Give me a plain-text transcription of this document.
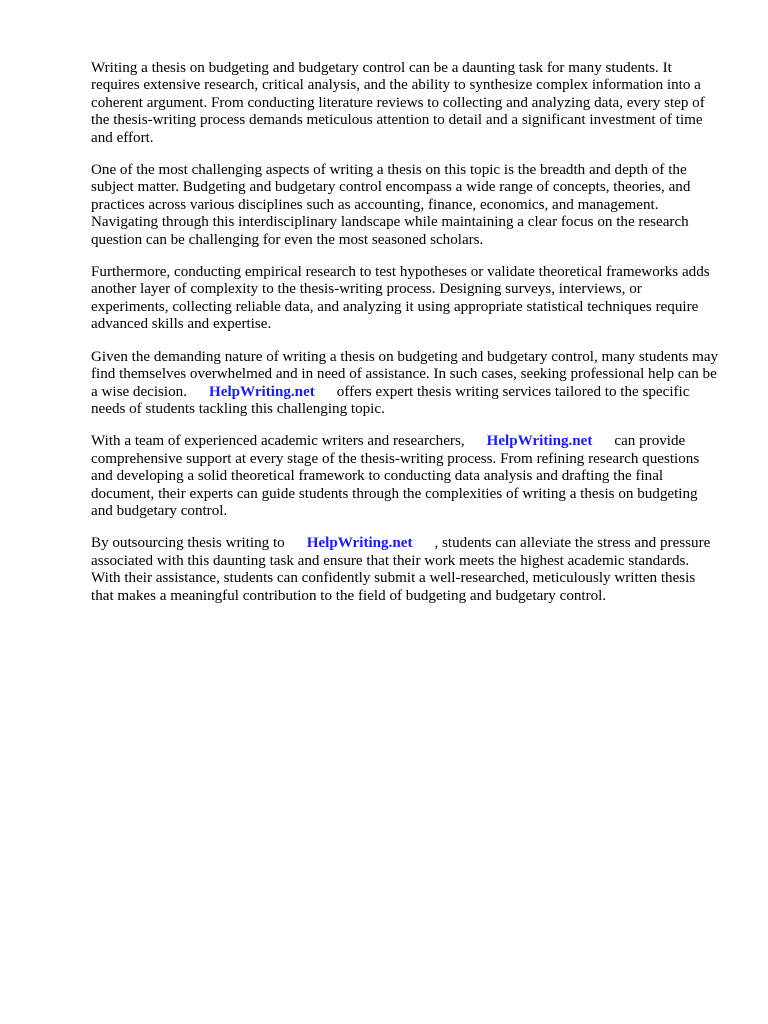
Writing a thesis on budgeting and budgetary control can be a daunting task for many students. It requires extensive research, critical analysis, and the ability to synthesize complex information into a coherent argument. From conducting literature reviews to collecting and analyzing data, every step of the thesis-writing process demands meticulous attention to detail and a significant investment of time and effort.

One of the most challenging aspects of writing a thesis on this topic is the breadth and depth of the subject matter. Budgeting and budgetary control encompass a wide range of concepts, theories, and practices across various disciplines such as accounting, finance, economics, and management. Navigating through this interdisciplinary landscape while maintaining a clear focus on the research question can be challenging for even the most seasoned scholars.

Furthermore, conducting empirical research to test hypotheses or validate theoretical frameworks adds another layer of complexity to the thesis-writing process. Designing surveys, interviews, or experiments, collecting reliable data, and analyzing it using appropriate statistical techniques require advanced skills and expertise.

Given the demanding nature of writing a thesis on budgeting and budgetary control, many students may find themselves overwhelmed and in need of assistance. In such cases, seeking professional help can be a wise decision. HelpWriting.net offers expert thesis writing services tailored to the specific needs of students tackling this challenging topic.

With a team of experienced academic writers and researchers, HelpWriting.net can provide comprehensive support at every stage of the thesis-writing process. From refining research questions and developing a solid theoretical framework to conducting data analysis and drafting the final document, their experts can guide students through the complexities of writing a thesis on budgeting and budgetary control.

By outsourcing thesis writing to HelpWriting.net , students can alleviate the stress and pressure associated with this daunting task and ensure that their work meets the highest academic standards. With their assistance, students can confidently submit a well-researched, meticulously written thesis that makes a meaningful contribution to the field of budgeting and budgetary control.
